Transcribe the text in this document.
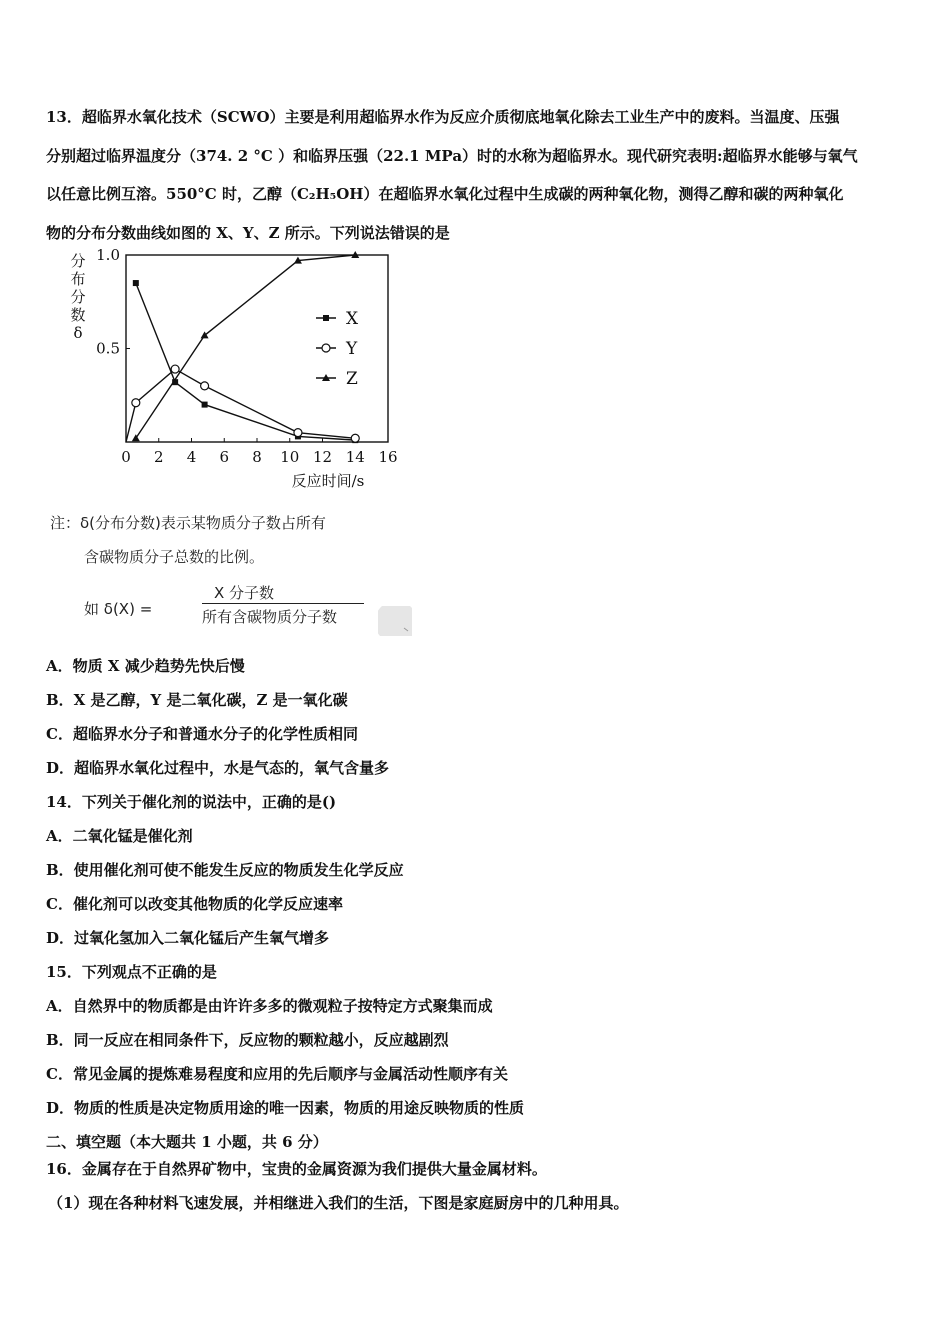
13．超临界水氧化技术（SCWO）主要是利用超临界水作为反应介质彻底地氧化除去工业生产中的废料。当温度、压强

分别超过临界温度分（374. 2 °C ）和临界压强（22.1 MPa）时的水称为超临界水。现代研究表明:超临界水能够与氧气

以任意比例互溶。550°C 时，乙醇（C₂H₅OH）在超临界水氧化过程中生成碳的两种氧化物，测得乙醇和碳的两种氧化

物的分布分数曲线如图的 X、Y、Z 所示。下列说法错误的是

0 2 4 6 8 10 12 14 16
0.5
1.0
分
布
分
数
δ
反应时间/s
X
Y
Z
注：δ(分布分数)表示某物质分子数占所有
含碳物质分子总数的比例。
如 δ(X) =
X 分子数
所有含碳物质分子数
A．物质 X 减少趋势先快后慢
B．X 是乙醇，Y 是二氧化碳，Z 是一氧化碳
C．超临界水分子和普通水分子的化学性质相同
D．超临界水氧化过程中，水是气态的，氧气含量多
14．下列关于催化剂的说法中，正确的是()
A．二氧化锰是催化剂
B．使用催化剂可使不能发生反应的物质发生化学反应
C．催化剂可以改变其他物质的化学反应速率
D．过氧化氢加入二氧化锰后产生氧气增多
15．下列观点不正确的是
A．自然界中的物质都是由许许多多的微观粒子按特定方式聚集而成
B．同一反应在相同条件下，反应物的颗粒越小，反应越剧烈
C．常见金属的提炼难易程度和应用的先后顺序与金属活动性顺序有关
D．物质的性质是决定物质用途的唯一因素，物质的用途反映物质的性质
二、填空题（本大题共 1 小题，共 6 分）
16．金属存在于自然界矿物中，宝贵的金属资源为我们提供大量金属材料。
（1）现在各种材料飞速发展，并相继进入我们的生活，下图是家庭厨房中的几种用具。
